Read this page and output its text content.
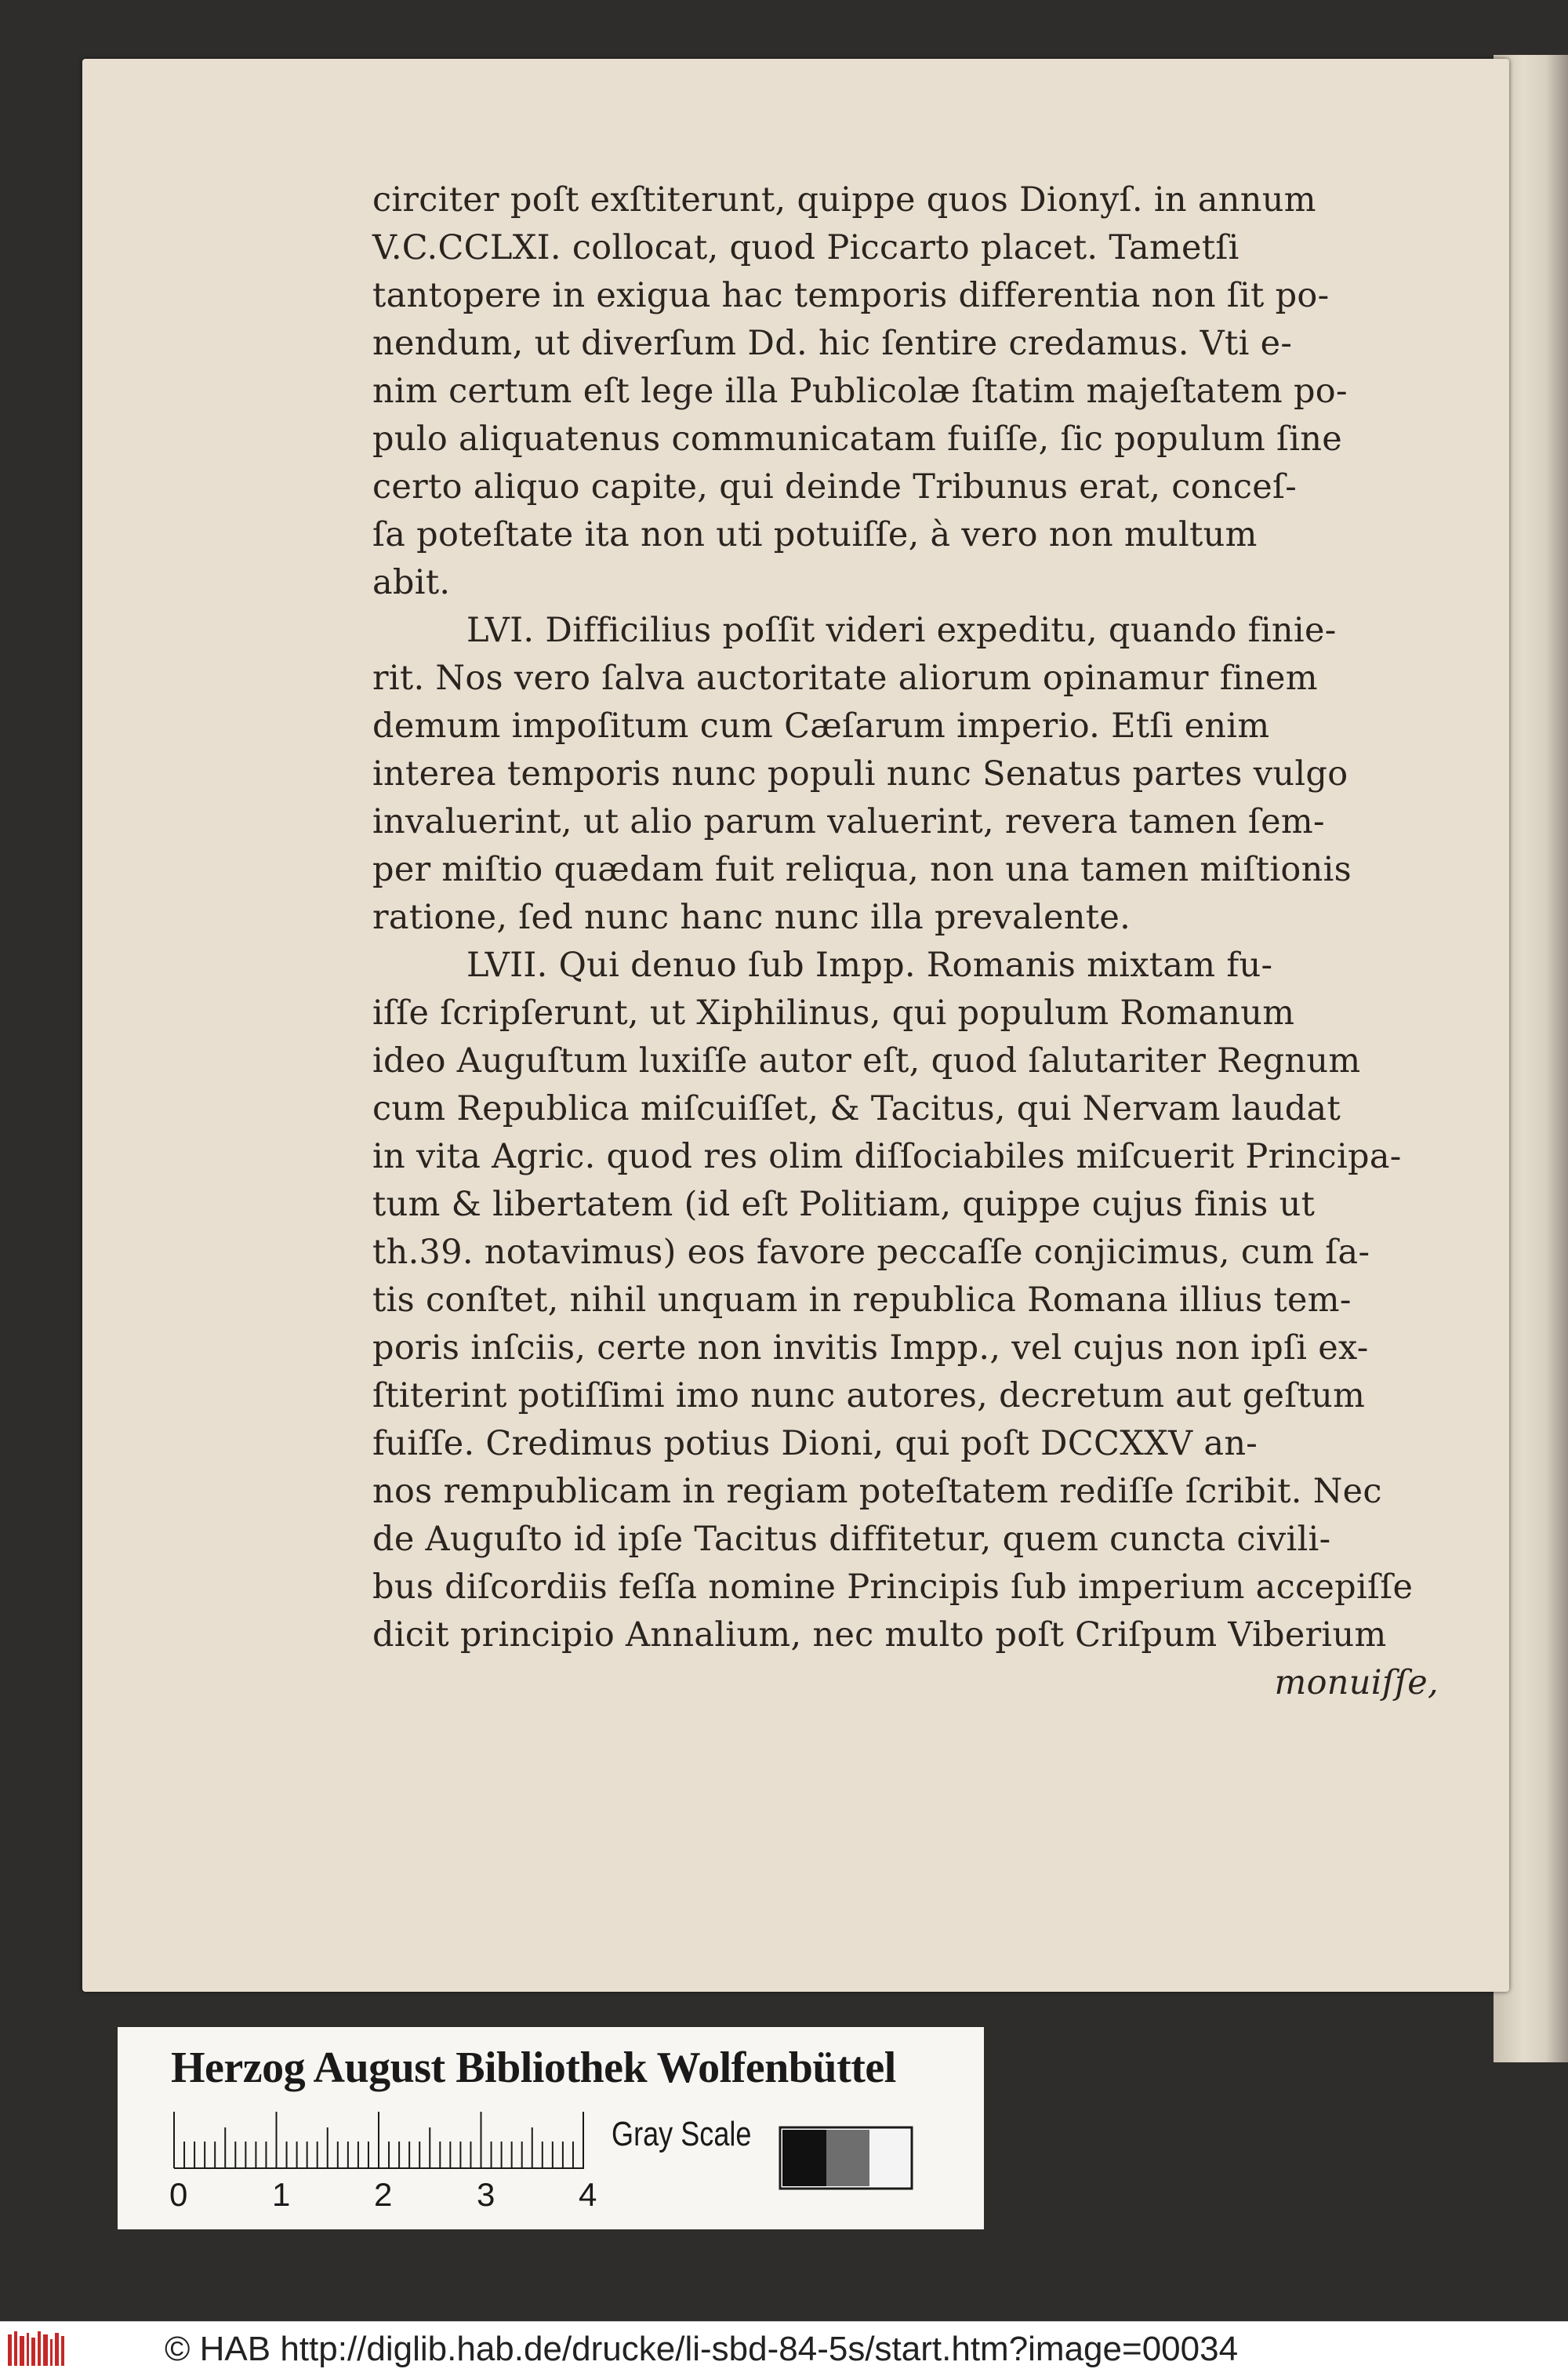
circiter poſt exſtiterunt, quippe quos Dionyſ. in annum
V.C.CCLXI. collocat, quod Piccarto placet. Tametſi
tantopere in exigua hac temporis differentia non ſit po-
nendum, ut diverſum Dd. hic ſentire credamus. Vti e-
nim certum eſt lege illa Publicolæ ſtatim majeſtatem po-
pulo aliquatenus communicatam fuiſſe, ſic populum ſine
certo aliquo capite, qui deinde Tribunus erat, conceſ-
ſa poteſtate ita non uti potuiſſe, à vero non multum
abit.
LVI. Difficilius poſſit videri expeditu, quando finie-
rit. Nos vero ſalva auctoritate aliorum opinamur finem
demum impoſitum cum Cæſarum imperio. Etſi enim
interea temporis nunc populi nunc Senatus partes vulgo
invaluerint, ut alio parum valuerint, revera tamen ſem-
per miſtio quædam fuit reliqua, non una tamen miſtionis
ratione, ſed nunc hanc nunc illa prevalente.
LVII. Qui denuo ſub Impp. Romanis mixtam fu-
iſſe ſcripſerunt, ut Xiphilinus, qui populum Romanum
ideo Auguſtum luxiſſe autor eſt, quod ſalutariter Regnum
cum Republica miſcuiſſet, & Tacitus, qui Nervam laudat
in vita Agric. quod res olim diſſociabiles miſcuerit Principa-
tum & libertatem (id eſt Politiam, quippe cujus finis ut
th.39. notavimus) eos favore peccaſſe conjicimus, cum ſa-
tis conſtet, nihil unquam in republica Romana illius tem-
poris inſciis, certe non invitis Impp., vel cujus non ipſi ex-
ſtiterint potiſſimi imo nunc autores, decretum aut geſtum
fuiſſe. Credimus potius Dioni, qui poſt DCCXXV an-
nos rempublicam in regiam poteſtatem rediſſe ſcribit. Nec
de Auguſto id ipſe Tacitus diffitetur, quem cuncta civili-
bus diſcordiis feſſa nomine Principis ſub imperium accepiſſe
dicit principio Annalium, nec multo poſt Criſpum Viberium
monuiſſe,
Herzog August Bibliothek Wolfenbüttel
Gray Scale
0	1	2	3	4
© HAB http://diglib.hab.de/drucke/li-sbd-84-5s/start.htm?image=00034
